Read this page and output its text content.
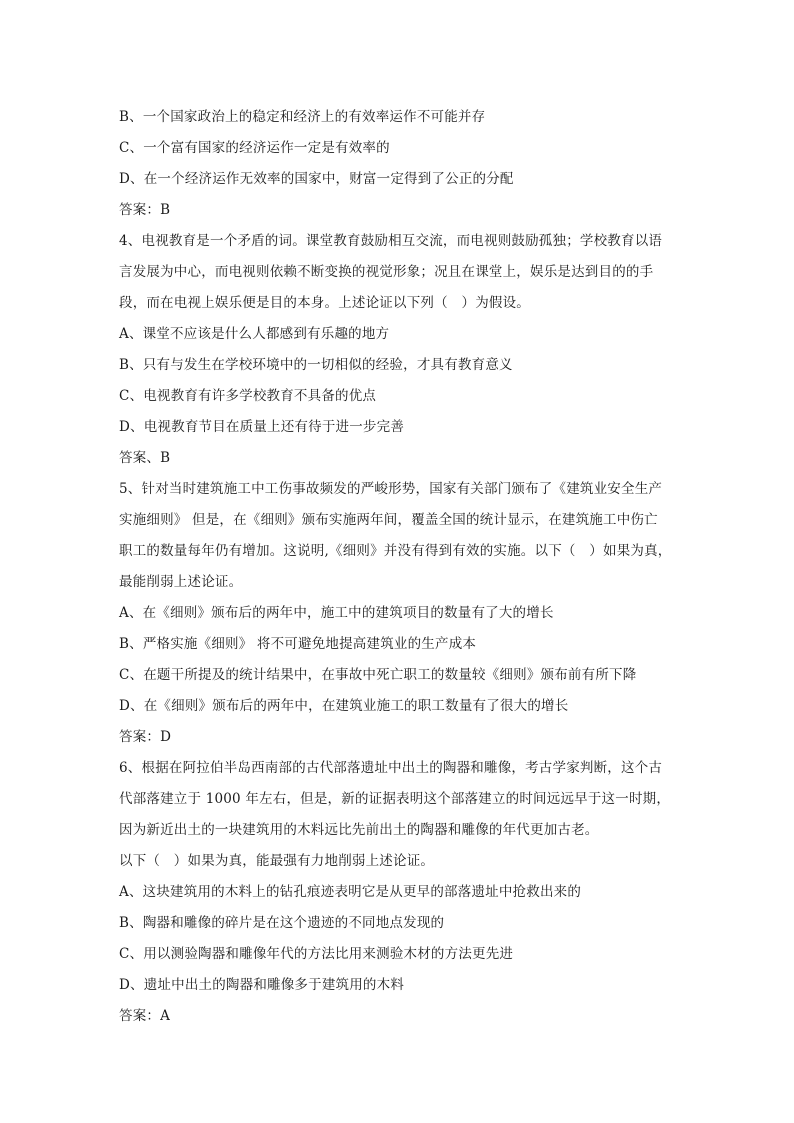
B、一个国家政治上的稳定和经济上的有效率运作不可能并存
C、一个富有国家的经济运作一定是有效率的
D、在一个经济运作无效率的国家中，财富一定得到了公正的分配
答案：B
4、电视教育是一个矛盾的词。课堂教育鼓励相互交流，而电视则鼓励孤独；学校教育以语
言发展为中心，而电视则依赖不断变换的视觉形象；况且在课堂上，娱乐是达到目的的手
段，而在电视上娱乐便是目的本身。上述论证以下列（　）为假设。
A、课堂不应该是什么人都感到有乐趣的地方
B、只有与发生在学校环境中的一切相似的经验，才具有教育意义
C、电视教育有许多学校教育不具备的优点
D、电视教育节目在质量上还有待于进一步完善
答案、B
5、针对当时建筑施工中工伤事故频发的严峻形势，国家有关部门颁布了《建筑业安全生产
实施细则》 但是，在《细则》颁布实施两年间，覆盖全国的统计显示，在建筑施工中伤亡
职工的数量每年仍有增加。这说明,《细则》并没有得到有效的实施。以下（　）如果为真，
最能削弱上述论证。
A、在《细则》颁布后的两年中，施工中的建筑项目的数量有了大的增长
B、严格实施《细则》 将不可避免地提高建筑业的生产成本
C、在题干所提及的统计结果中，在事故中死亡职工的数量较《细则》颁布前有所下降
D、在《细则》颁布后的两年中，在建筑业施工的职工数量有了很大的增长
答案：D
6、根据在阿拉伯半岛西南部的古代部落遗址中出土的陶器和雕像，考古学家判断，这个古
代部落建立于 1000 年左右，但是，新的证据表明这个部落建立的时间远远早于这一时期，
因为新近出土的一块建筑用的木料远比先前出土的陶器和雕像的年代更加古老。
以下（　）如果为真，能最强有力地削弱上述论证。
A、这块建筑用的木料上的钻孔痕迹表明它是从更早的部落遗址中抢救出来的
B、陶器和雕像的碎片是在这个遗迹的不同地点发现的
C、用以测验陶器和雕像年代的方法比用来测验木材的方法更先进
D、遗址中出土的陶器和雕像多于建筑用的木料
答案：A
